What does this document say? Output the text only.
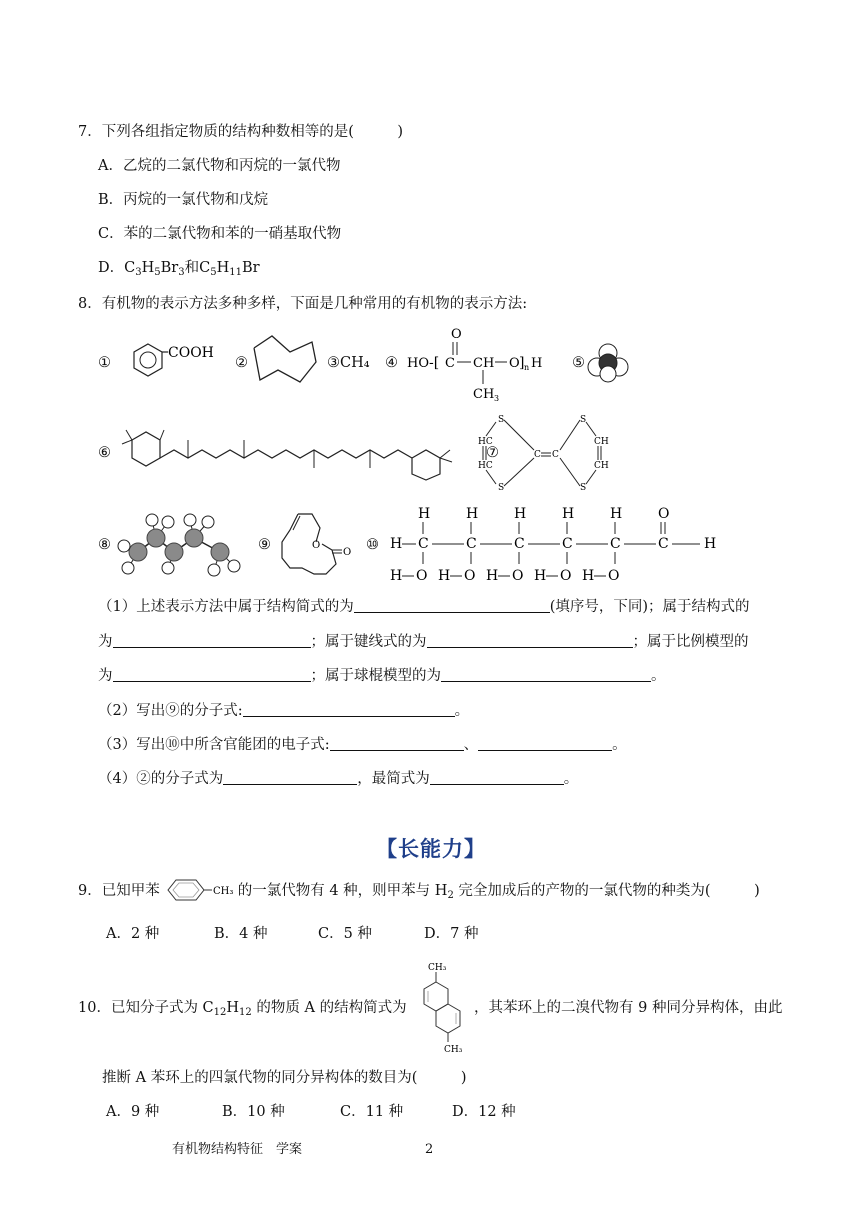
7．下列各组指定物质的结构种数相等的是(　　　)
A．乙烷的二氯代物和丙烷的一氯代物
B．丙烷的一氯代物和戊烷
C．苯的二氯代物和苯的一硝基取代物
D．$C_3H_5Br_3$和$C_5H_{11}Br$
8．有机物的表示方法多种多样，下面是几种常用的有机物的表示方法:
①
COOH
②	③CH₄ ④ HO -[ C
O
CH O ] n H
CH 3
⑤
⑥	⑦
S
HC
HC
S
C C
S
CH
CH
S
⑧	⑨	O
O ⑩ H C	C	C	C	C	C	H
H	H	H	H	H	O
H O H O H O H O H O
（1）上述表示方法中属于结构简式的为	(填序号，下同)；属于结构式的
为	；属于键线式的为	；属于比例模型的
为	；属于球棍模型的为	。
（2）写出⑨的分子式:	。
（3）写出⑩中所含官能团的电子式:	、	。
（4）②的分子式为	，最简式为	。
【长能力】
9．已知甲苯	CH₃ 的一氯代物有 4 种，则甲苯与 $H_2$ 完全加成后的产物的一氯代物的种类为(　　　)
A．2 种	B．4 种	C．5 种	D．7 种
10．已知分子式为 $C_{12}H_{12}$ 的物质 A 的结构简式为
CH₃
CH₃
，其苯环上的二溴代物有 9 种同分异构体，由此
推断 A 苯环上的四氯代物的同分异构体的数目为(　　　)
A．9 种	B．10 种	C．11 种	D．12 种
有机物结构特征　学案	2
